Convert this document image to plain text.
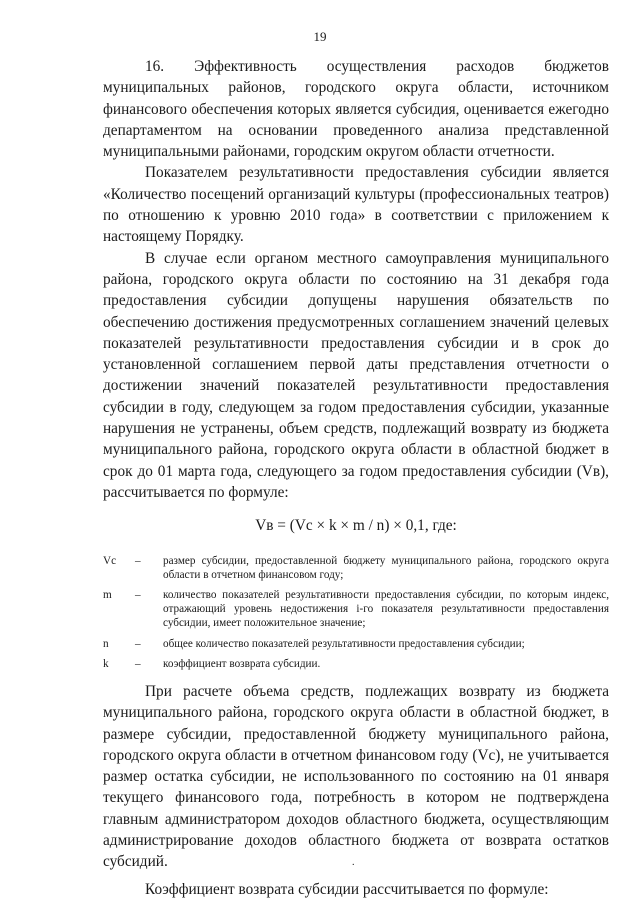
19

16. Эффективность осуществления расходов бюджетов муниципальных районов, городского округа области, источником финансового обеспечения которых является субсидия, оценивается ежегодно департаментом на основании проведенного анализа представленной муниципальными районами, городским округом области отчетности.

Показателем результативности предоставления субсидии является «Количество посещений организаций культуры (профессиональных театров) по отношению к уровню 2010 года» в соответствии с приложением к настоящему Порядку.

В случае если органом местного самоуправления муниципального района, городского округа области по состоянию на 31 декабря года предоставления субсидии допущены нарушения обязательств по обеспечению достижения предусмотренных соглашением значений целевых показателей результативности предоставления субсидии и в срок до установленной соглашением первой даты представления отчетности о достижении значений показателей результативности предоставления субсидии в году, следующем за годом предоставления субсидии, указанные нарушения не устранены, объем средств, подлежащий возврату из бюджета муниципального района, городского округа области в областной бюджет в срок до 01 марта года, следующего за годом предоставления субсидии (Vв), рассчитывается по формуле:

Vв = (Vс × k × m / n) × 0,1, где:
Vс	–	размер субсидии, предоставленной бюджету муниципального района, городского округа области в отчетном финансовом году;
m	–	количество показателей результативности предоставления субсидии, по которым индекс, отражающий уровень недостижения i-го показателя результативности предоставления субсидии, имеет положительное значение;
n	–	общее количество показателей результативности предоставления субсидии;
k	–	коэффициент возврата субсидии.

При расчете объема средств, подлежащих возврату из бюджета муниципального района, городского округа области в областной бюджет, в размере субсидии, предоставленной бюджету муниципального района, городского округа области в отчетном финансовом году (Vс), не учитывается размер остатка субсидии, не использованного по состоянию на 01 января текущего финансового года, потребность в котором не подтверждена главным администратором доходов областного бюджета, осуществляющим администрирование доходов областного бюджета от возврата остатков субсидий.

Коэффициент возврата субсидии рассчитывается по формуле:

.
